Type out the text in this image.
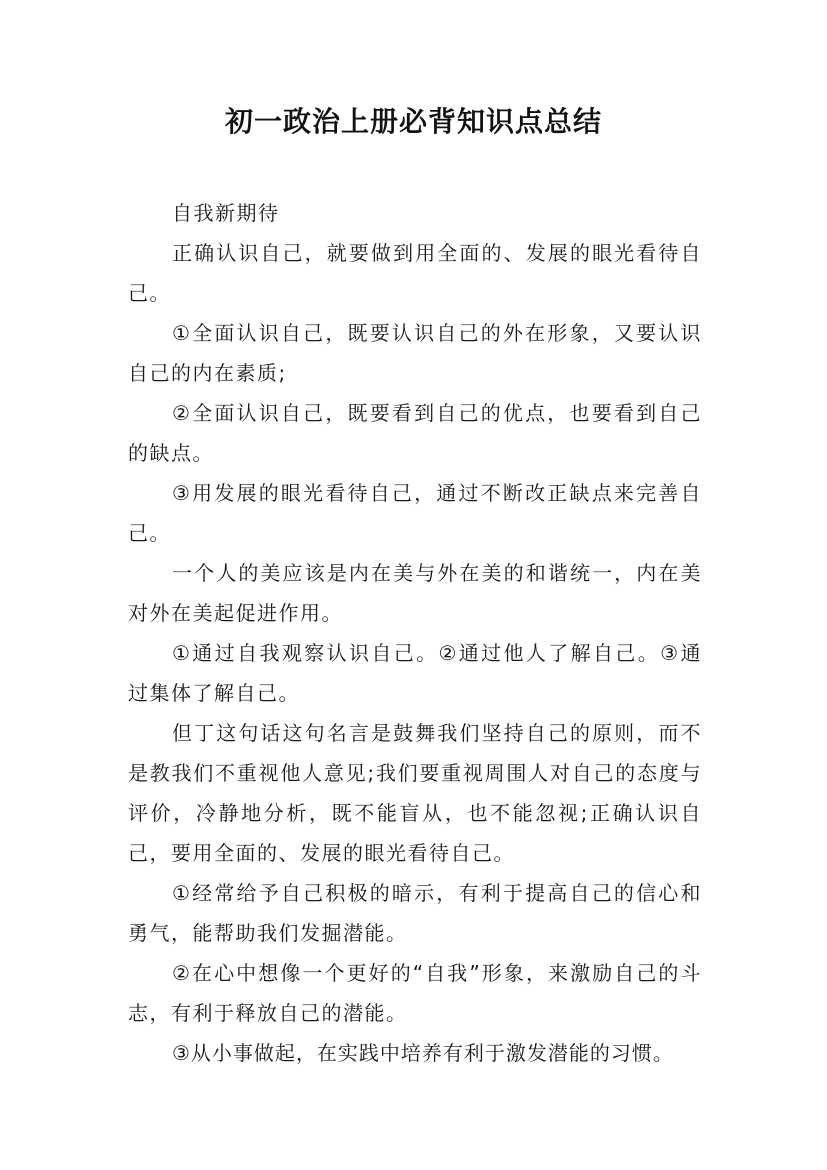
初一政治上册必背知识点总结

自我新期待

正确认识自己，就要做到用全面的、发展的眼光看待自己。

①全面认识自己，既要认识自己的外在形象，又要认识自己的内在素质;

②全面认识自己，既要看到自己的优点，也要看到自己的缺点。

③用发展的眼光看待自己，通过不断改正缺点来完善自己。

一个人的美应该是内在美与外在美的和谐统一，内在美对外在美起促进作用。

①通过自我观察认识自己。②通过他人了解自己。③通过集体了解自己。

但丁这句话这句名言是鼓舞我们坚持自己的原则，而不是教我们不重视他人意见;我们要重视周围人对自己的态度与评价，冷静地分析，既不能盲从，也不能忽视;正确认识自己，要用全面的、发展的眼光看待自己。

①经常给予自己积极的暗示，有利于提高自己的信心和勇气，能帮助我们发掘潜能。

②在心中想像一个更好的“自我”形象，来激励自己的斗志，有利于释放自己的潜能。

③从小事做起，在实践中培养有利于激发潜能的习惯。
